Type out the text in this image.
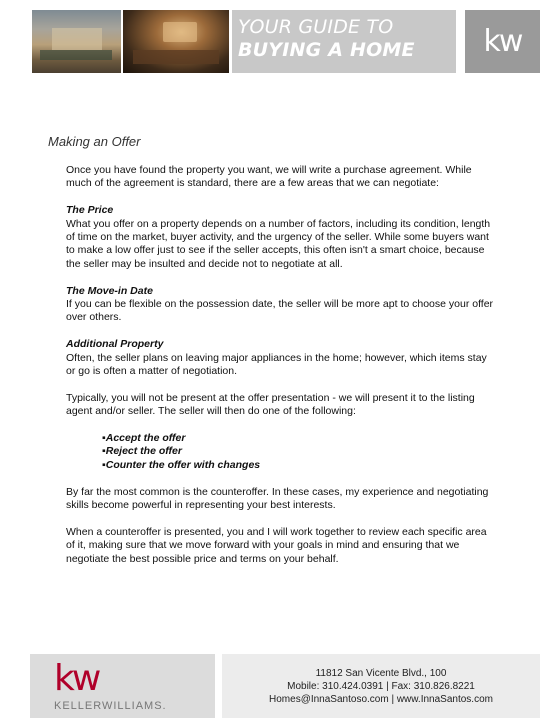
YOUR GUIDE TO
BUYING A HOME	kw
Making an Offer

Once you have found the property you want, we will write a purchase agreement. While much of the agreement is standard, there are a few areas that we can negotiate:

The Price
What you offer on a property depends on a number of factors, including its condition, length of time on the market, buyer activity, and the urgency of the seller. While some buyers want to make a low offer just to see if the seller accepts, this often isn't a smart choice, because the seller may be insulted and decide not to negotiate at all.

The Move-in Date
If you can be flexible on the possession date, the seller will be more apt to choose your offer over others.

Additional Property
Often, the seller plans on leaving major appliances in the home; however, which items stay or go is often a matter of negotiation.

Typically, you will not be present at the offer presentation - we will present it to the listing agent and/or seller. The seller will then do one of the following:

▪ Accept the offer
▪ Reject the offer
▪ Counter the offer with changes

By far the most common is the counteroffer. In these cases, my experience and negotiating skills become powerful in representing your best interests.

When a counteroffer is presented, you and I will work together to review each specific area of it, making sure that we move forward with your goals in mind and ensuring that we negotiate the best possible price and terms on your behalf.

kw
KELLERWILLIAMS.
11812 San Vicente Blvd., 100
Mobile: 310.424.0391 | Fax: 310.826.8221
Homes@InnaSantoso.com | www.InnaSantos.com
